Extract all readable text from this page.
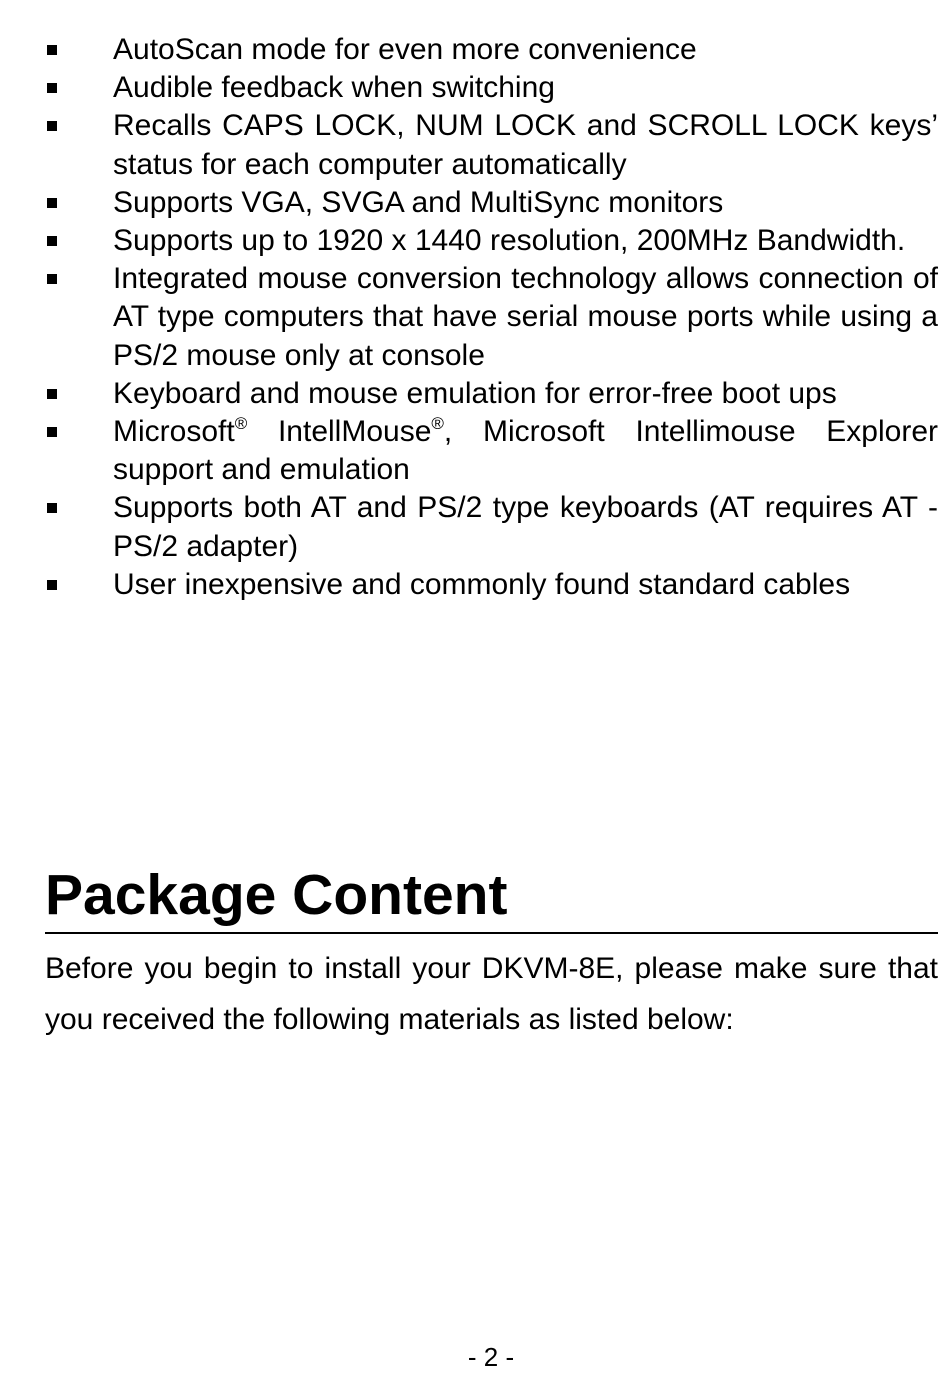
AutoScan mode for even more convenience
Audible feedback when switching
Recalls CAPS LOCK, NUM LOCK and SCROLL LOCK keys’ status for each computer automatically
Supports VGA, SVGA and MultiSync monitors
Supports up to 1920 x 1440 resolution, 200MHz Bandwidth.
Integrated mouse conversion technology allows connection of AT type computers that have serial mouse ports while using a PS/2 mouse only at console
Keyboard and mouse emulation for error-free boot ups
Microsoft® IntellMouse®, Microsoft Intellimouse Explorer support and emulation
Supports both AT and PS/2 type keyboards (AT requires AT - PS/2 adapter)
User inexpensive and commonly found standard cables
Package Content

Before you begin to install your DKVM-8E, please make sure that you received the following materials as listed below:

- 2 -
